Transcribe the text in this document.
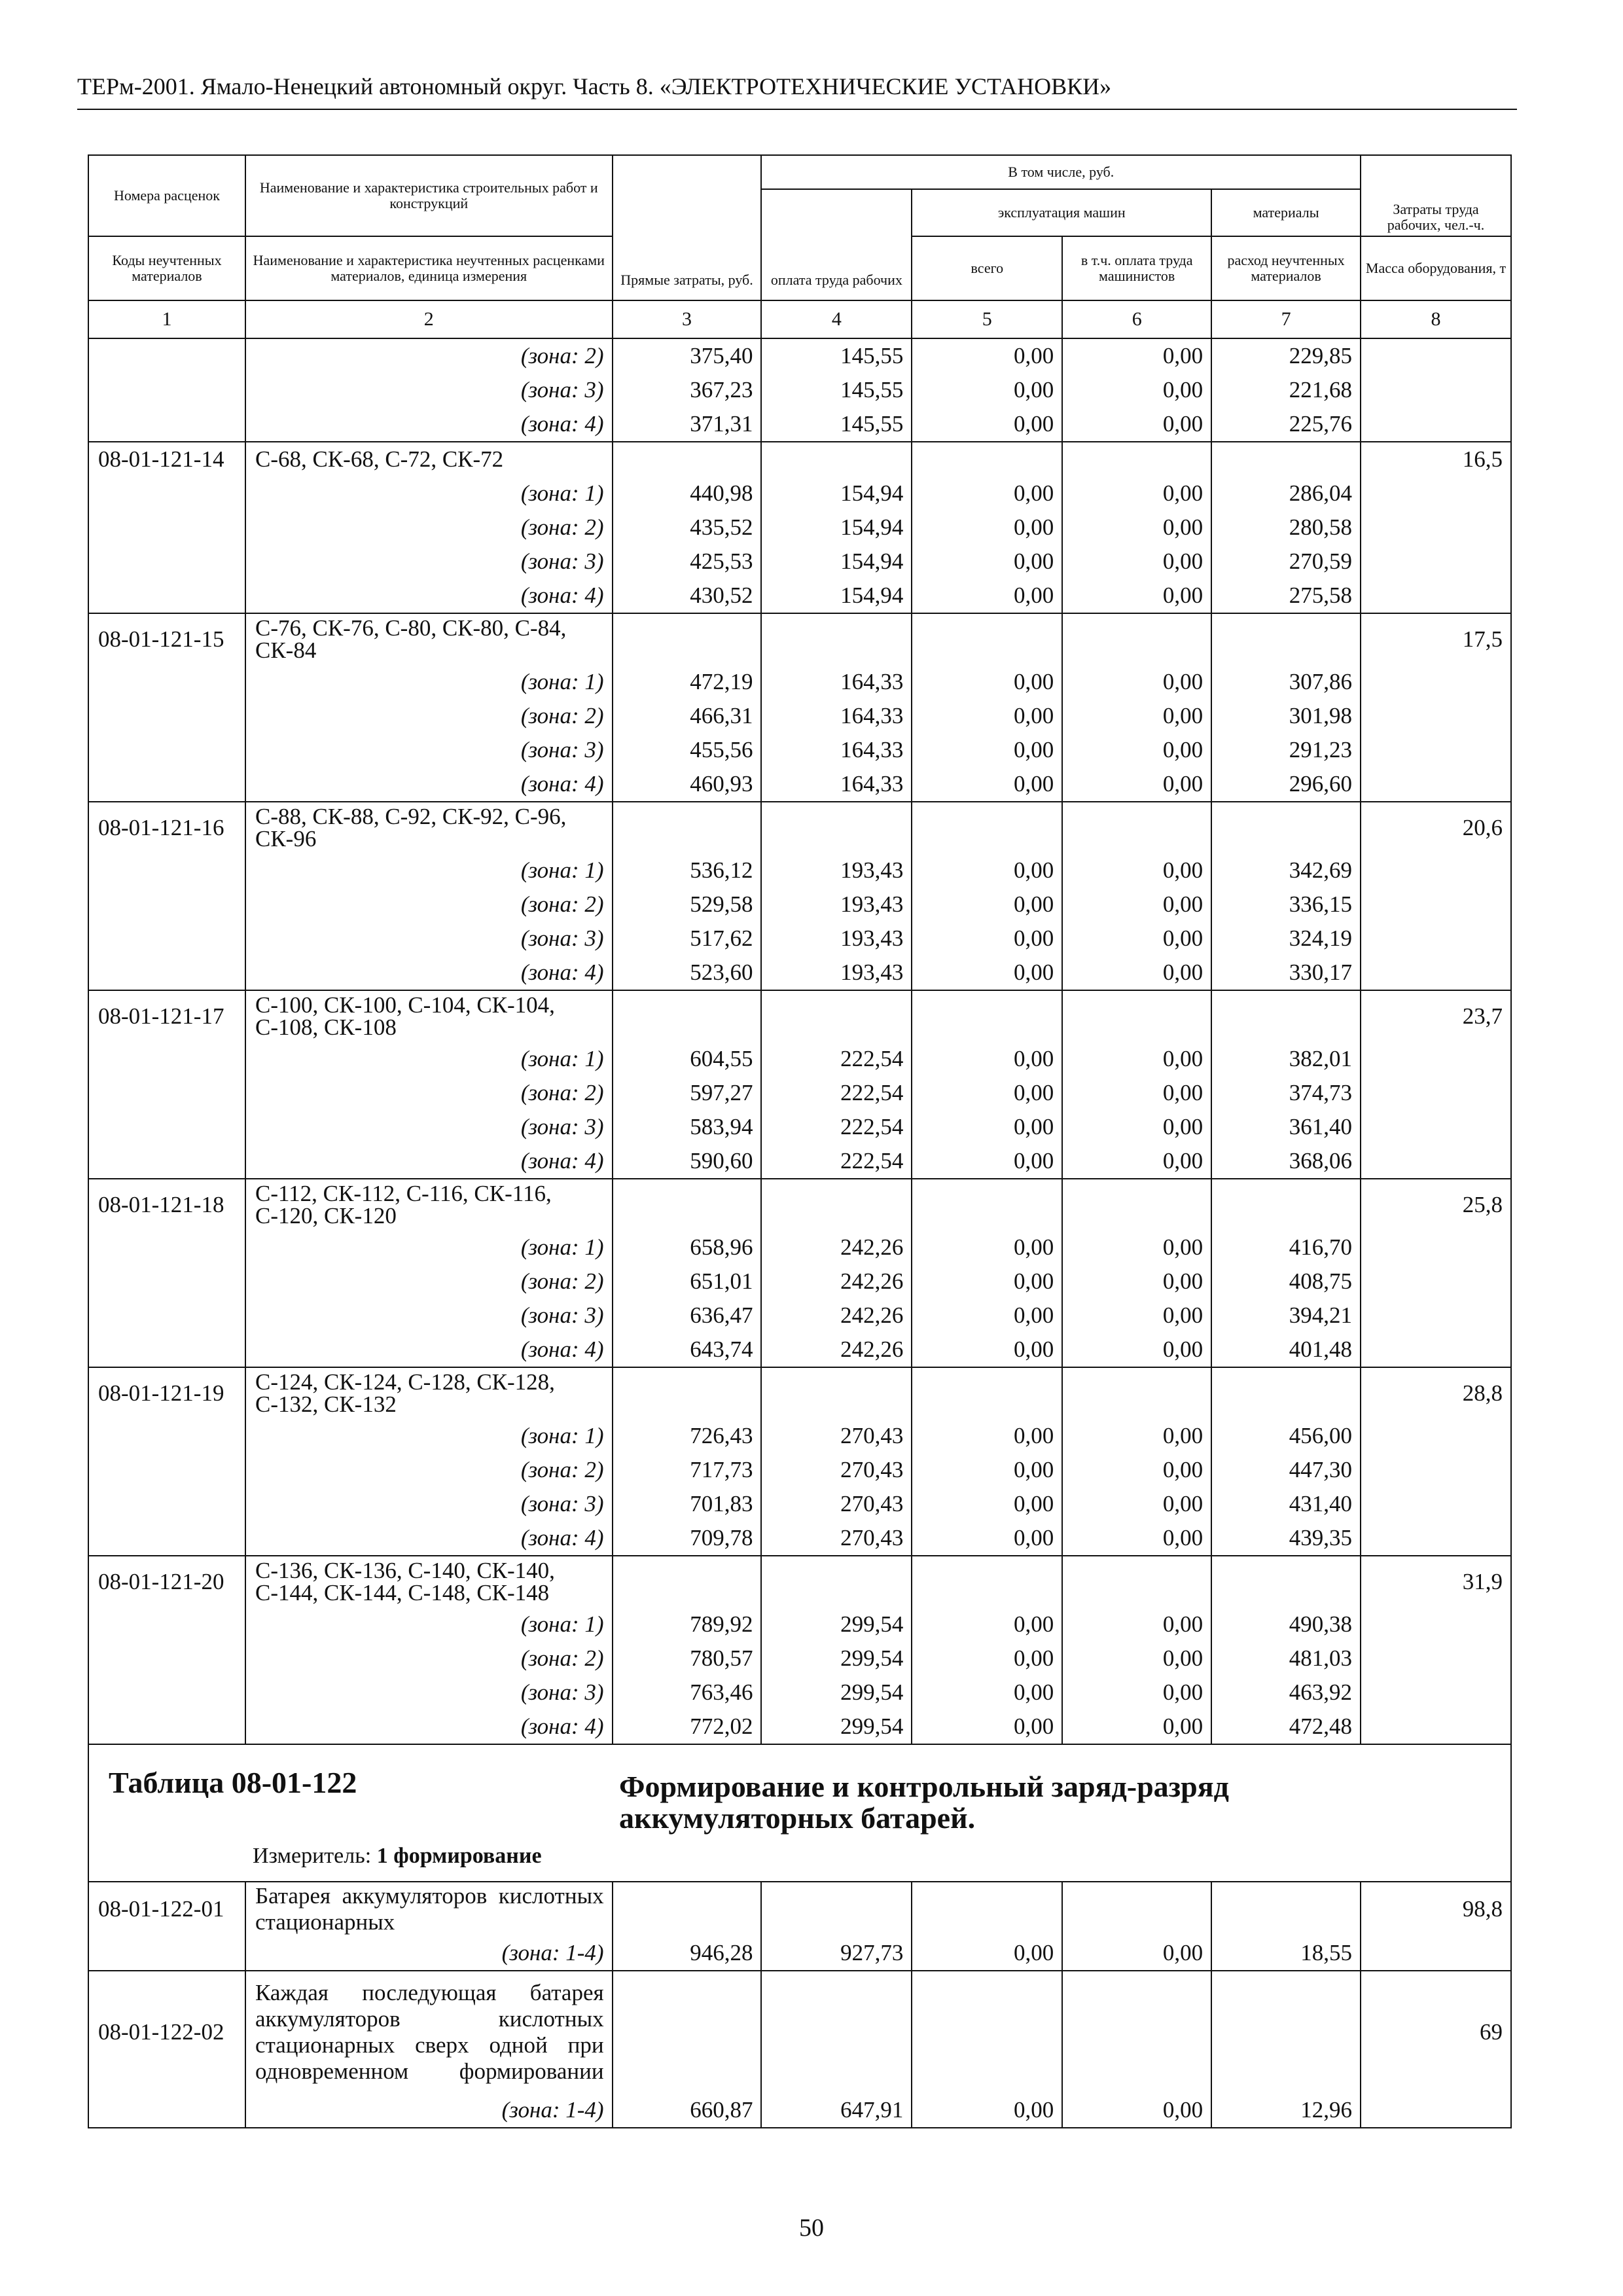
ТЕРм-2001. Ямало-Ненецкий автономный округ. Часть 8. «ЭЛЕКТРОТЕХНИЧЕСКИЕ УСТАНОВКИ»
Номера расценок	Наименование и характеристика строительных работ и конструкций	Прямые затраты, руб.	В том числе, руб.				Затраты труда рабочих, чел.-ч.
			оплата труда рабочих	эксплуатация машин		материалы	
Коды неучтенных материалов	Наименование и характеристика неучтенных расценками материалов, единица измерения			всего	в т.ч. оплата труда машинистов	расход неучтенных материалов	Масса оборудования, т
1	2	3	4	5	6	7	8
	(зона: 2)	375,40	145,55	0,00	0,00	229,85	
	(зона: 3)	367,23	145,55	0,00	0,00	221,68	
	(зона: 4)	371,31	145,55	0,00	0,00	225,76	
08-01-121-14	С-68, СК-68, С-72, СК-72						16,5
	(зона: 1)	440,98	154,94	0,00	0,00	286,04	
	(зона: 2)	435,52	154,94	0,00	0,00	280,58	
	(зона: 3)	425,53	154,94	0,00	0,00	270,59	
	(зона: 4)	430,52	154,94	0,00	0,00	275,58	
08-01-121-15	С-76, СК-76, С-80, СК-80, С-84, СК-84						17,5
	(зона: 1)	472,19	164,33	0,00	0,00	307,86	
	(зона: 2)	466,31	164,33	0,00	0,00	301,98	
	(зона: 3)	455,56	164,33	0,00	0,00	291,23	
	(зона: 4)	460,93	164,33	0,00	0,00	296,60	
08-01-121-16	С-88, СК-88, С-92, СК-92, С-96, СК-96						20,6
	(зона: 1)	536,12	193,43	0,00	0,00	342,69	
	(зона: 2)	529,58	193,43	0,00	0,00	336,15	
	(зона: 3)	517,62	193,43	0,00	0,00	324,19	
	(зона: 4)	523,60	193,43	0,00	0,00	330,17	
08-01-121-17	С-100, СК-100, С-104, СК-104, С-108, СК-108						23,7
	(зона: 1)	604,55	222,54	0,00	0,00	382,01	
	(зона: 2)	597,27	222,54	0,00	0,00	374,73	
	(зона: 3)	583,94	222,54	0,00	0,00	361,40	
	(зона: 4)	590,60	222,54	0,00	0,00	368,06	
08-01-121-18	С-112, СК-112, С-116, СК-116, С-120, СК-120						25,8
	(зона: 1)	658,96	242,26	0,00	0,00	416,70	
	(зона: 2)	651,01	242,26	0,00	0,00	408,75	
	(зона: 3)	636,47	242,26	0,00	0,00	394,21	
	(зона: 4)	643,74	242,26	0,00	0,00	401,48	
08-01-121-19	С-124, СК-124, С-128, СК-128, С-132, СК-132						28,8
	(зона: 1)	726,43	270,43	0,00	0,00	456,00	
	(зона: 2)	717,73	270,43	0,00	0,00	447,30	
	(зона: 3)	701,83	270,43	0,00	0,00	431,40	
	(зона: 4)	709,78	270,43	0,00	0,00	439,35	
08-01-121-20	С-136, СК-136, С-140, СК-140, С-144, СК-144, С-148, СК-148						31,9
	(зона: 1)	789,92	299,54	0,00	0,00	490,38	
	(зона: 2)	780,57	299,54	0,00	0,00	481,03	
	(зона: 3)	763,46	299,54	0,00	0,00	463,92	
	(зона: 4)	772,02	299,54	0,00	0,00	472,48	

Таблица 08-01-122 Формирование и контрольный заряд-разряд аккумуляторных батарей.
Измеритель: 1 формирование							

08-01-122-01	Батарея аккумуляторов кислотных стационарных						98,8
	(зона: 1-4)	946,28	927,73	0,00	0,00	18,55	
08-01-122-02	Каждая последующая батарея аккумуляторов кислотных стационарных сверх одной при одновременном формировании						69
	(зона: 1-4)	660,87	647,91	0,00	0,00	12,96	
50
